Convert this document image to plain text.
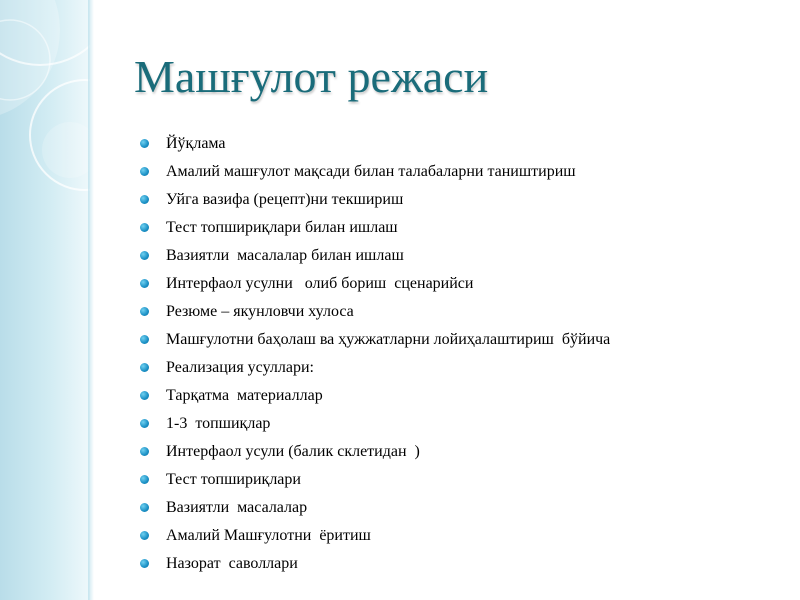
Машғулот режаси
Йўқлама
Амалий машғулот мақсади билан талабаларни таништириш
Уйга вазифа (рецепт)ни текшириш
Тест топшириқлари билан ишлаш
Вазиятли  масалалар билан ишлаш
Интерфаол усулни   олиб бориш  сценарийси
Резюме – якунловчи хулоса
Машғулотни баҳолаш ва ҳужжатларни лойиҳалаштириш  бўйича
Реализация усуллари:
Тарқатма  материаллар
1-3  топшиқлар
Интерфаол усули (балик склетидан  )
Тест топшириқлари
Вазиятли  масалалар
Амалий Машғулотни  ёритиш
Назорат  саволлари
